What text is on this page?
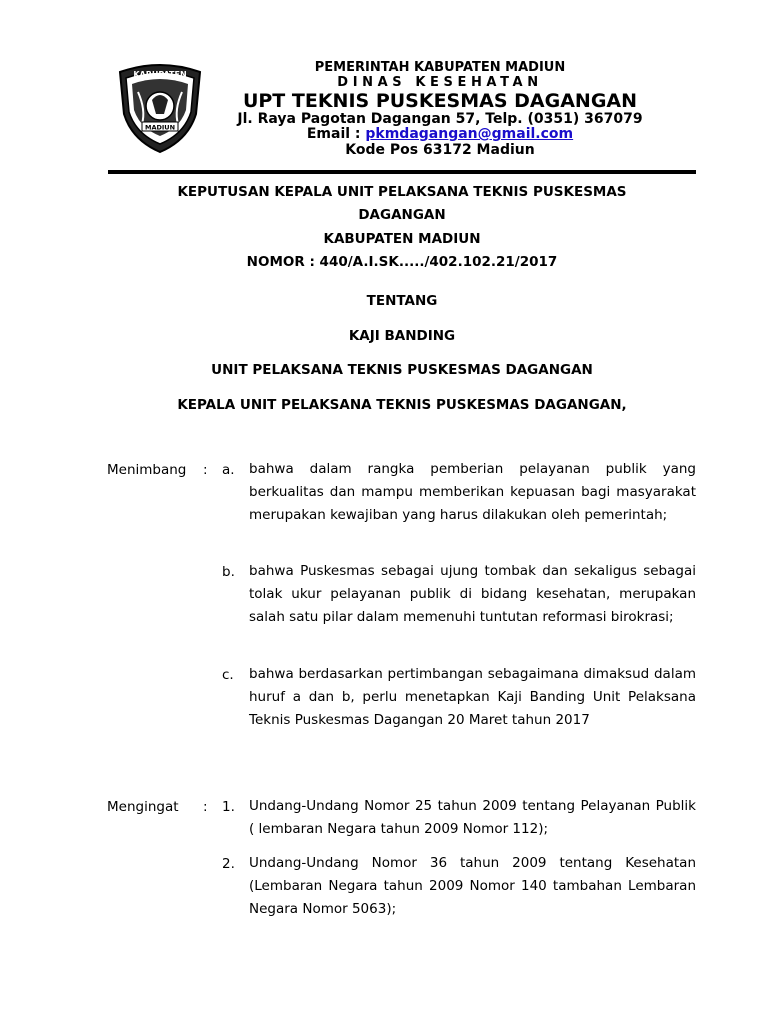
KABUPATEN
MADIUN
PEMERINTAH KABUPATEN MADIUN
DINAS KESEHATAN
UPT TEKNIS PUSKESMAS DAGANGAN
Jl. Raya Pagotan Dagangan 57, Telp. (0351) 367079
Email : pkmdagangan@gmail.com
Kode Pos 63172 Madiun
KEPUTUSAN KEPALA UNIT PELAKSANA TEKNIS PUSKESMAS
DAGANGAN
KABUPATEN MADIUN
NOMOR : 440/A.I.SK...../402.102.21/2017
TENTANG
KAJI BANDING
UNIT PELAKSANA TEKNIS PUSKESMAS DAGANGAN
KEPALA UNIT PELAKSANA TEKNIS PUSKESMAS DAGANGAN,
Menimbang : a. bahwa dalam rangka pemberian pelayanan publik yang berkualitas dan mampu memberikan kepuasan bagi masyarakat merupakan kewajiban yang harus dilakukan oleh pemerintah;
b. bahwa Puskesmas sebagai ujung tombak dan sekaligus sebagai tolak ukur pelayanan publik di bidang kesehatan, merupakan salah satu pilar dalam memenuhi tuntutan reformasi birokrasi;
c. bahwa berdasarkan pertimbangan sebagaimana dimaksud dalam huruf a dan b, perlu menetapkan Kaji Banding Unit Pelaksana Teknis Puskesmas Dagangan 20 Maret tahun 2017
Mengingat : 1. Undang-Undang Nomor 25 tahun 2009 tentang Pelayanan Publik ( lembaran Negara tahun 2009 Nomor 112);
2. Undang-Undang Nomor 36 tahun 2009 tentang Kesehatan (Lembaran Negara tahun 2009 Nomor 140 tambahan Lembaran Negara Nomor 5063);
